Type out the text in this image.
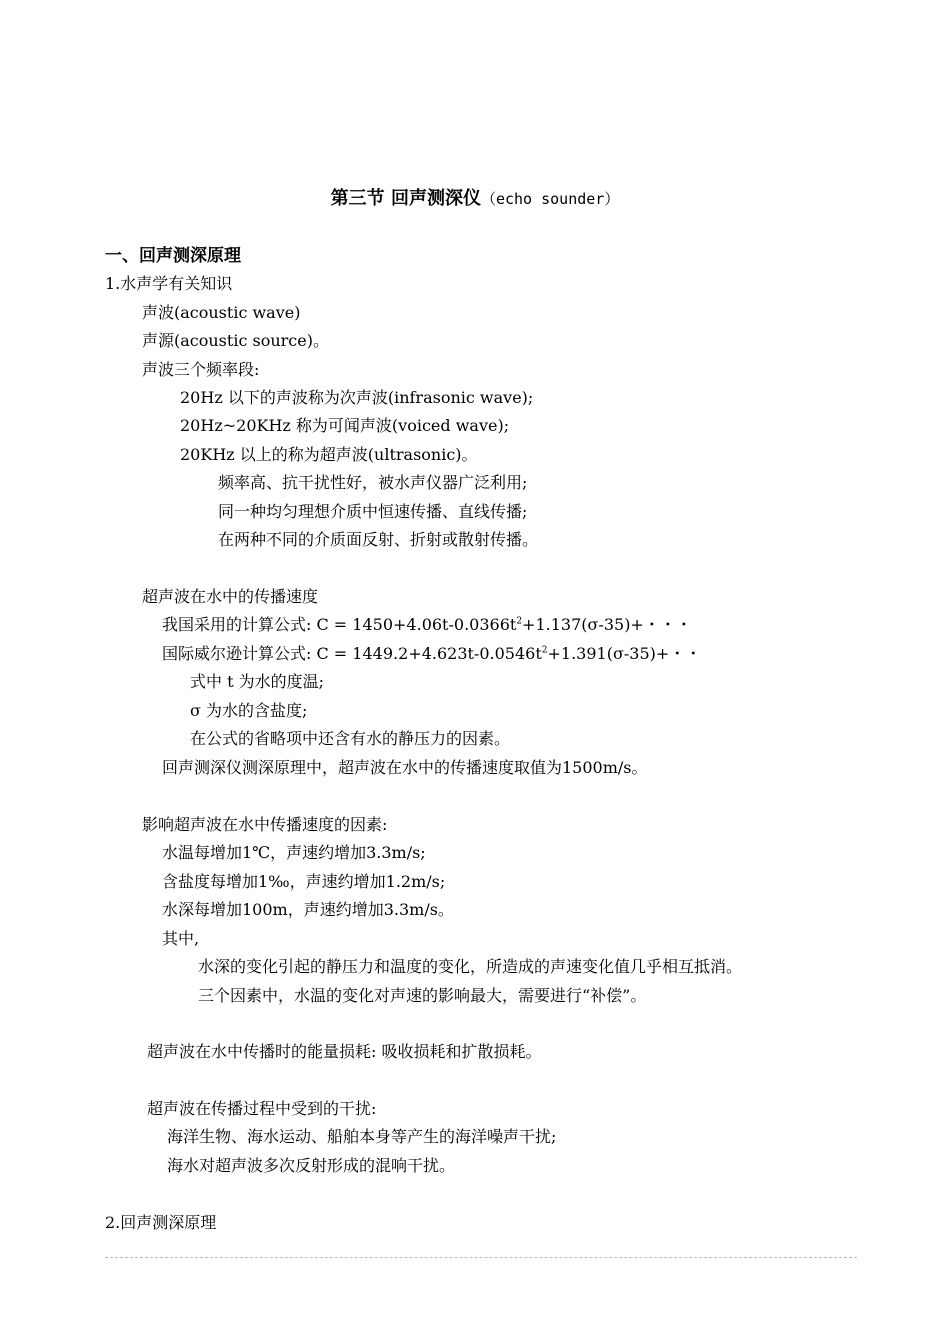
第三节 回声测深仪（echo sounder）
一、回声测深原理
1.水声学有关知识
声波(acoustic wave)
声源(acoustic source)。
声波三个频率段:
20Hz 以下的声波称为次声波(infrasonic wave);
20Hz~20KHz 称为可闻声波(voiced wave);
20KHz 以上的称为超声波(ultrasonic)。
频率高、抗干扰性好，被水声仪器广泛利用;
同一种均匀理想介质中恒速传播、直线传播;
在两种不同的介质面反射、折射或散射传播。
超声波在水中的传播速度
我国采用的计算公式: $C = 1450+4.06t-0.0366t^2+1.137(\sigma-35)+$・・・
国际威尔逊计算公式: $C = 1449.2+4.623t-0.0546t^2+1.391(\sigma-35)+$・・
式中 t 为水的度温;
σ 为水的含盐度;
在公式的省略项中还含有水的静压力的因素。
回声测深仪测深原理中，超声波在水中的传播速度取值为1500m/s。
影响超声波在水中传播速度的因素:
水温每增加1℃，声速约增加3.3m/s;
含盐度每增加1‰，声速约增加1.2m/s;
水深每增加100m，声速约增加3.3m/s。
其中,
水深的变化引起的静压力和温度的变化，所造成的声速变化值几乎相互抵消。
三个因素中，水温的变化对声速的影响最大，需要进行“补偿”。
超声波在水中传播时的能量损耗: 吸收损耗和扩散损耗。
超声波在传播过程中受到的干扰:
海洋生物、海水运动、船舶本身等产生的海洋噪声干扰;
海水对超声波多次反射形成的混响干扰。
2.回声测深原理
